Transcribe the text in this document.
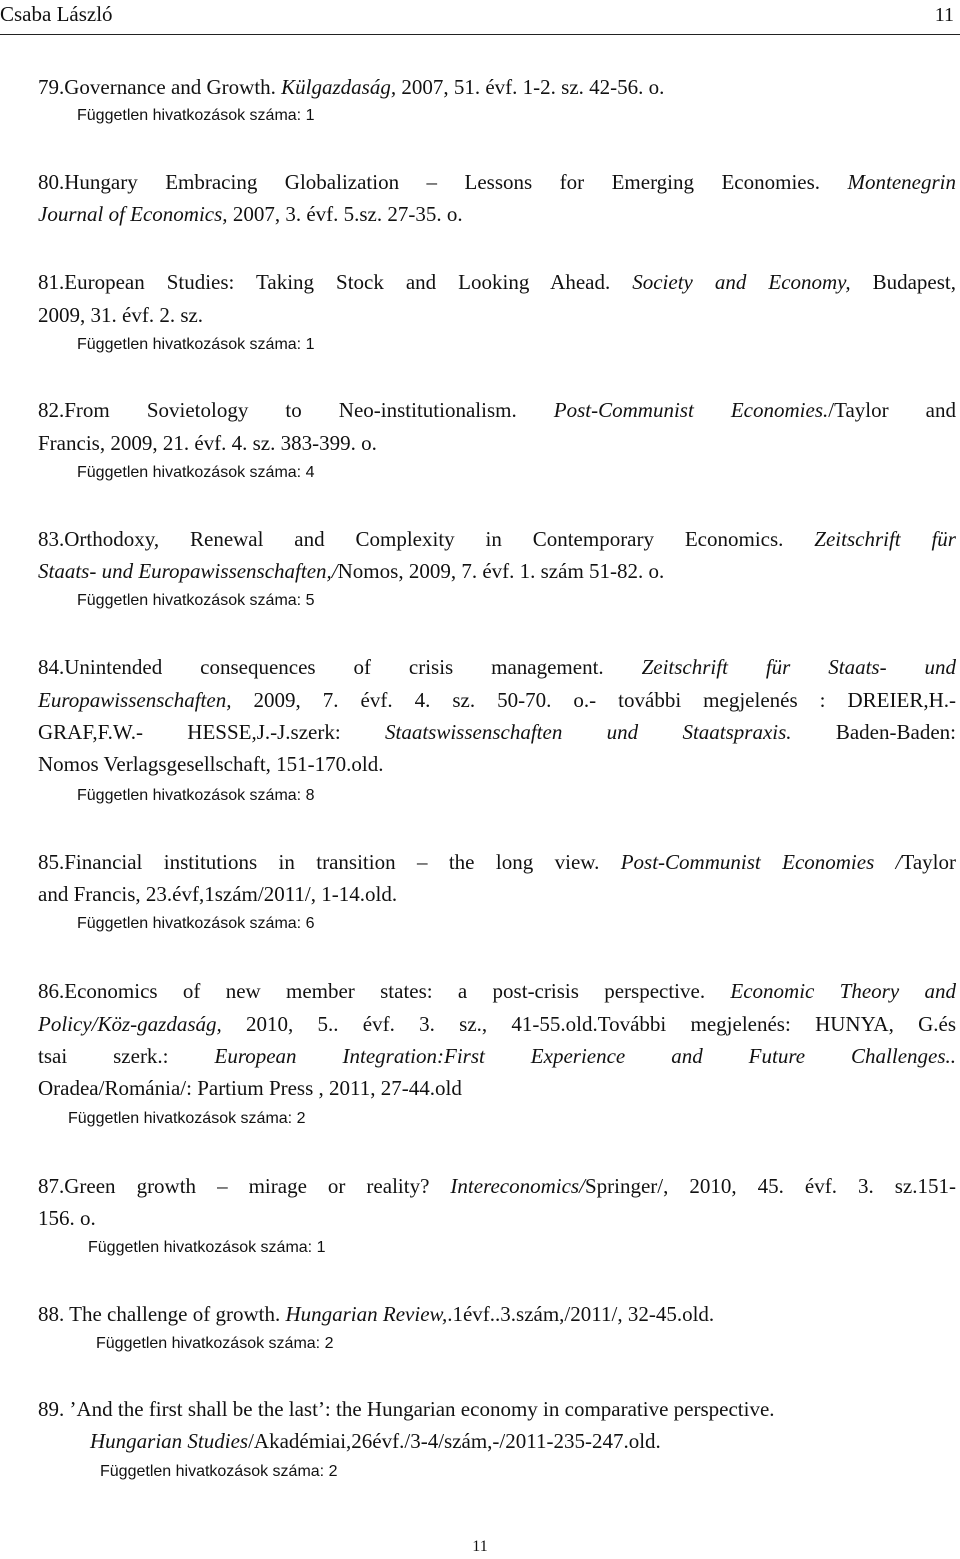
Csaba László	11
79.Governance and Growth. Külgazdaság, 2007, 51. évf. 1-2. sz. 42-56. o.
Független hivatkozások száma: 1
80.Hungary Embracing Globalization – Lessons for Emerging Economies. Montenegrin
Journal of Economics, 2007, 3. évf. 5.sz. 27-35. o.
81.European Studies: Taking Stock and Looking Ahead. Society and Economy, Budapest,
2009, 31. évf. 2. sz.
Független hivatkozások száma: 1
82.From Sovietology to Neo-institutionalism. Post-Communist Economies./Taylor and
Francis, 2009, 21. évf. 4. sz. 383-399. o.
Független hivatkozások száma: 4
83.Orthodoxy, Renewal and Complexity in Contemporary Economics. Zeitschrift für
Staats- und Europawissenschaften,/Nomos, 2009, 7. évf. 1. szám 51-82. o.
Független hivatkozások száma: 5
84.Unintended consequences of crisis management. Zeitschrift für Staats- und
Europawissenschaften, 2009, 7. évf. 4. sz. 50-70. o.- további megjelenés : DREIER,H.-
GRAF,F.W.- HESSE,J.-J.szerk: Staatswissenschaften und Staatspraxis. Baden-Baden:
Nomos Verlagsgesellschaft, 151-170.old.
Független hivatkozások száma: 8
85.Financial institutions in transition – the long view. Post-Communist Economies /Taylor
and Francis, 23.évf,1szám/2011/, 1-14.old.
Független hivatkozások száma: 6
86.Economics of new member states: a post-crisis perspective. Economic Theory and
Policy/Köz-gazdaság, 2010, 5.. évf. 3. sz., 41-55.old.További megjelenés: HUNYA, G.és
tsai szerk.: European Integration:First Experience and Future Challenges..
Oradea/Románia/: Partium Press , 2011, 27-44.old
Független hivatkozások száma: 2
87.Green growth – mirage or reality? Intereconomics/Springer/, 2010, 45. évf. 3. sz.151-
156. o.
Független hivatkozások száma: 1
88. The challenge of growth. Hungarian Review,.1évf..3.szám,/2011/, 32-45.old.
Független hivatkozások száma: 2
89. ’And the first shall be the last’: the Hungarian economy in comparative perspective.
Hungarian Studies/Akadémiai,26évf./3-4/szám,-/2011-235-247.old.
Független hivatkozások száma: 2
11
